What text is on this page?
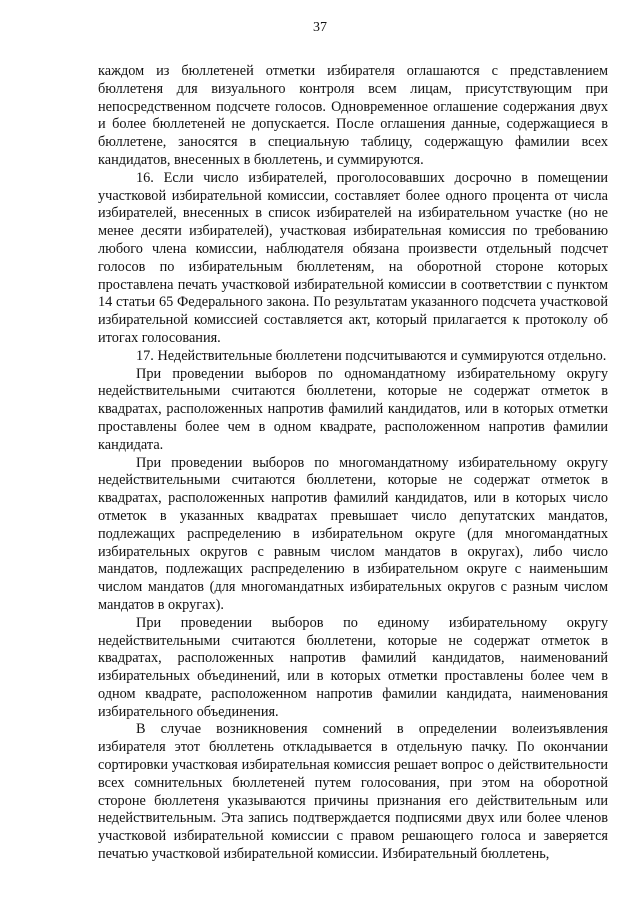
37

каждом из бюллетеней отметки избирателя оглашаются с представлением бюллетеня для визуального контроля всем лицам, присутствующим при непосредственном подсчете голосов. Одновременное оглашение содержания двух и более бюллетеней не допускается. После оглашения данные, содержащиеся в бюллетене, заносятся в специальную таблицу, содержащую фамилии всех кандидатов, внесенных в бюллетень, и суммируются.

16. Если число избирателей, проголосовавших досрочно в помещении участковой избирательной комиссии, составляет более одного процента от числа избирателей, внесенных в список избирателей на избирательном участке (но не менее десяти избирателей), участковая избирательная комиссия по требованию любого члена комиссии, наблюдателя обязана произвести отдельный подсчет голосов по избирательным бюллетеням, на оборотной стороне которых проставлена печать участковой избирательной комиссии в соответствии с пунктом 14 статьи 65 Федерального закона. По результатам указанного подсчета участковой избирательной комиссией составляется акт, который прилагается к протоколу об итогах голосования.

17. Недействительные бюллетени подсчитываются и суммируются отдельно.

При проведении выборов по одномандатному избирательному округу недействительными считаются бюллетени, которые не содержат отметок в квадратах, расположенных напротив фамилий кандидатов, или в которых отметки проставлены более чем в одном квадрате, расположенном напротив фамилии кандидата.

При проведении выборов по многомандатному избирательному округу недействительными считаются бюллетени, которые не содержат отметок в квадратах, расположенных напротив фамилий кандидатов, или в которых число отметок в указанных квадратах превышает число депутатских мандатов, подлежащих распределению в избирательном округе (для многомандатных избирательных округов с равным числом мандатов в округах), либо число мандатов, подлежащих распределению в избирательном округе с наименьшим числом мандатов (для многомандатных избирательных округов с разным числом мандатов в округах).

При проведении выборов по единому избирательному округу недействительными считаются бюллетени, которые не содержат отметок в квадратах, расположенных напротив фамилий кандидатов, наименований избирательных объединений, или в которых отметки проставлены более чем в одном квадрате, расположенном напротив фамилии кандидата, наименования избирательного объединения.

В случае возникновения сомнений в определении волеизъявления избирателя этот бюллетень откладывается в отдельную пачку. По окончании сортировки участковая избирательная комиссия решает вопрос о действительности всех сомнительных бюллетеней путем голосования, при этом на оборотной стороне бюллетеня указываются причины признания его действительным или недействительным. Эта запись подтверждается подписями двух или более членов участковой избирательной комиссии с правом решающего голоса и заверяется печатью участковой избирательной комиссии. Избирательный бюллетень,
